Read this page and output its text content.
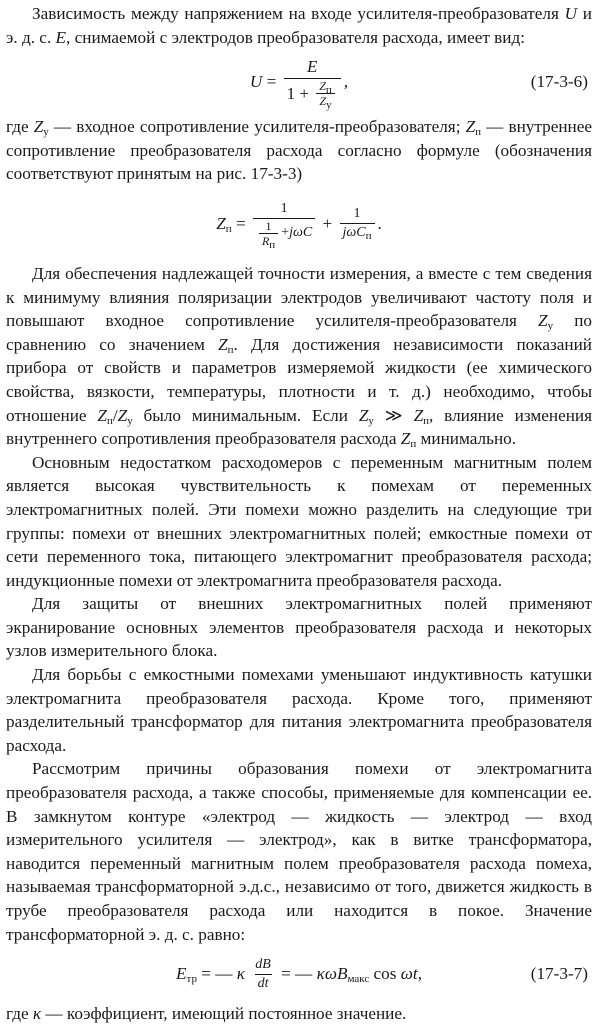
Зависимость между напряжением на входе усилителя-преобразователя U и э. д. с. E, снимаемой с электродов преобразователя расхода, имеет вид:

$U = \frac{E}{1 + \frac{Z_п}{Z_y}}$ ,	(17-3-6)

где $Z_y$ — входное сопротивление усилителя-преобразователя; $Z_п$ — внутреннее сопротивление преобразователя расхода согласно формуле (обозначения соответствуют принятым на рис. 17-3-3)

$Z_п = \frac{1}{\frac{1}{R_п} + j\omega C} + \frac{1}{j\omega C_п}$ .

Для обеспечения надлежащей точности измерения, а вместе с тем сведения к минимуму влияния поляризации электродов увеличивают частоту поля и повышают входное сопротивление усилителя-преобразователя $Z_y$ по сравнению со значением $Z_п$. Для достижения независимости показаний прибора от свойств и параметров измеряемой жидкости (ее химического свойства, вязкости, температуры, плотности и т. д.) необходимо, чтобы отношение $Z_п/Z_y$ было минимальным. Если $Z_y$ ≫ $Z_п$, влияние изменения внутреннего сопротивления преобразователя расхода $Z_п$ минимально.

Основным недостатком расходомеров с переменным магнитным полем является высокая чувствительность к помехам от переменных электромагнитных полей. Эти помехи можно разделить на следующие три группы: помехи от внешних электромагнитных полей; емкостные помехи от сети переменного тока, питающего электромагнит преобразователя расхода; индукционные помехи от электромагнита преобразователя расхода.

Для защиты от внешних электромагнитных полей применяют экранирование основных элементов преобразователя расхода и некоторых узлов измерительного блока.

Для борьбы с емкостными помехами уменьшают индуктивность катушки электромагнита преобразователя расхода. Кроме того, применяют разделительный трансформатор для питания электромагнита преобразователя расхода.

Рассмотрим причины образования помехи от электромагнита преобразователя расхода, а также способы, применяемые для компенсации ее. В замкнутом контуре «электрод — жидкость — электрод — вход измерительного усилителя — электрод», как в витке трансформатора, наводится переменный магнитным полем преобразователя расхода помеха, называемая трансформаторной э.д.с., независимо от того, движется жидкость в трубе преобразователя расхода или находится в покое. Значение трансформаторной э. д. с. равно:

$E_{тр}$ = — κ $\frac{dB}{dt}$ = — κωB$_{макс}$ cos ωt,	(17-3-7)

где κ — коэффициент, имеющий постоянное значение.
